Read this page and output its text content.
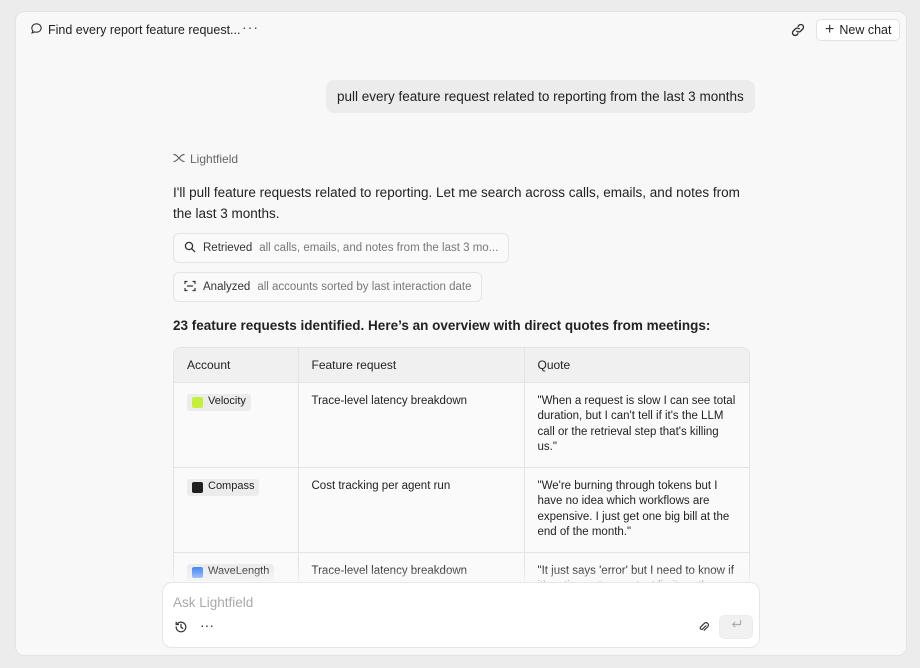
Find every report feature request... ···	+ New chat
pull every feature request related to reporting from the last 3 months
Lightfield
I'll pull feature requests related to reporting. Let me search across calls, emails, and notes from the last 3 months.
Retrieved all calls, emails, and notes from the last 3 mo...
Analyzed all accounts sorted by last interaction date
23 feature requests identified. Here’s an overview with direct quotes from meetings:
Account	Feature request	Quote

Velocity	Trace-level latency breakdown	"When a request is slow I can see total duration, but I can't tell if it's the LLM call or the retrieval step that's killing us."

Compass	Cost tracking per agent run	"We're burning through tokens but I have no idea which workflows are expensive. I just get one big bill at the end of the month."

WaveLength	Trace-level latency breakdown	"It just says 'error' but I need to know if
Ask Lightfield
···
